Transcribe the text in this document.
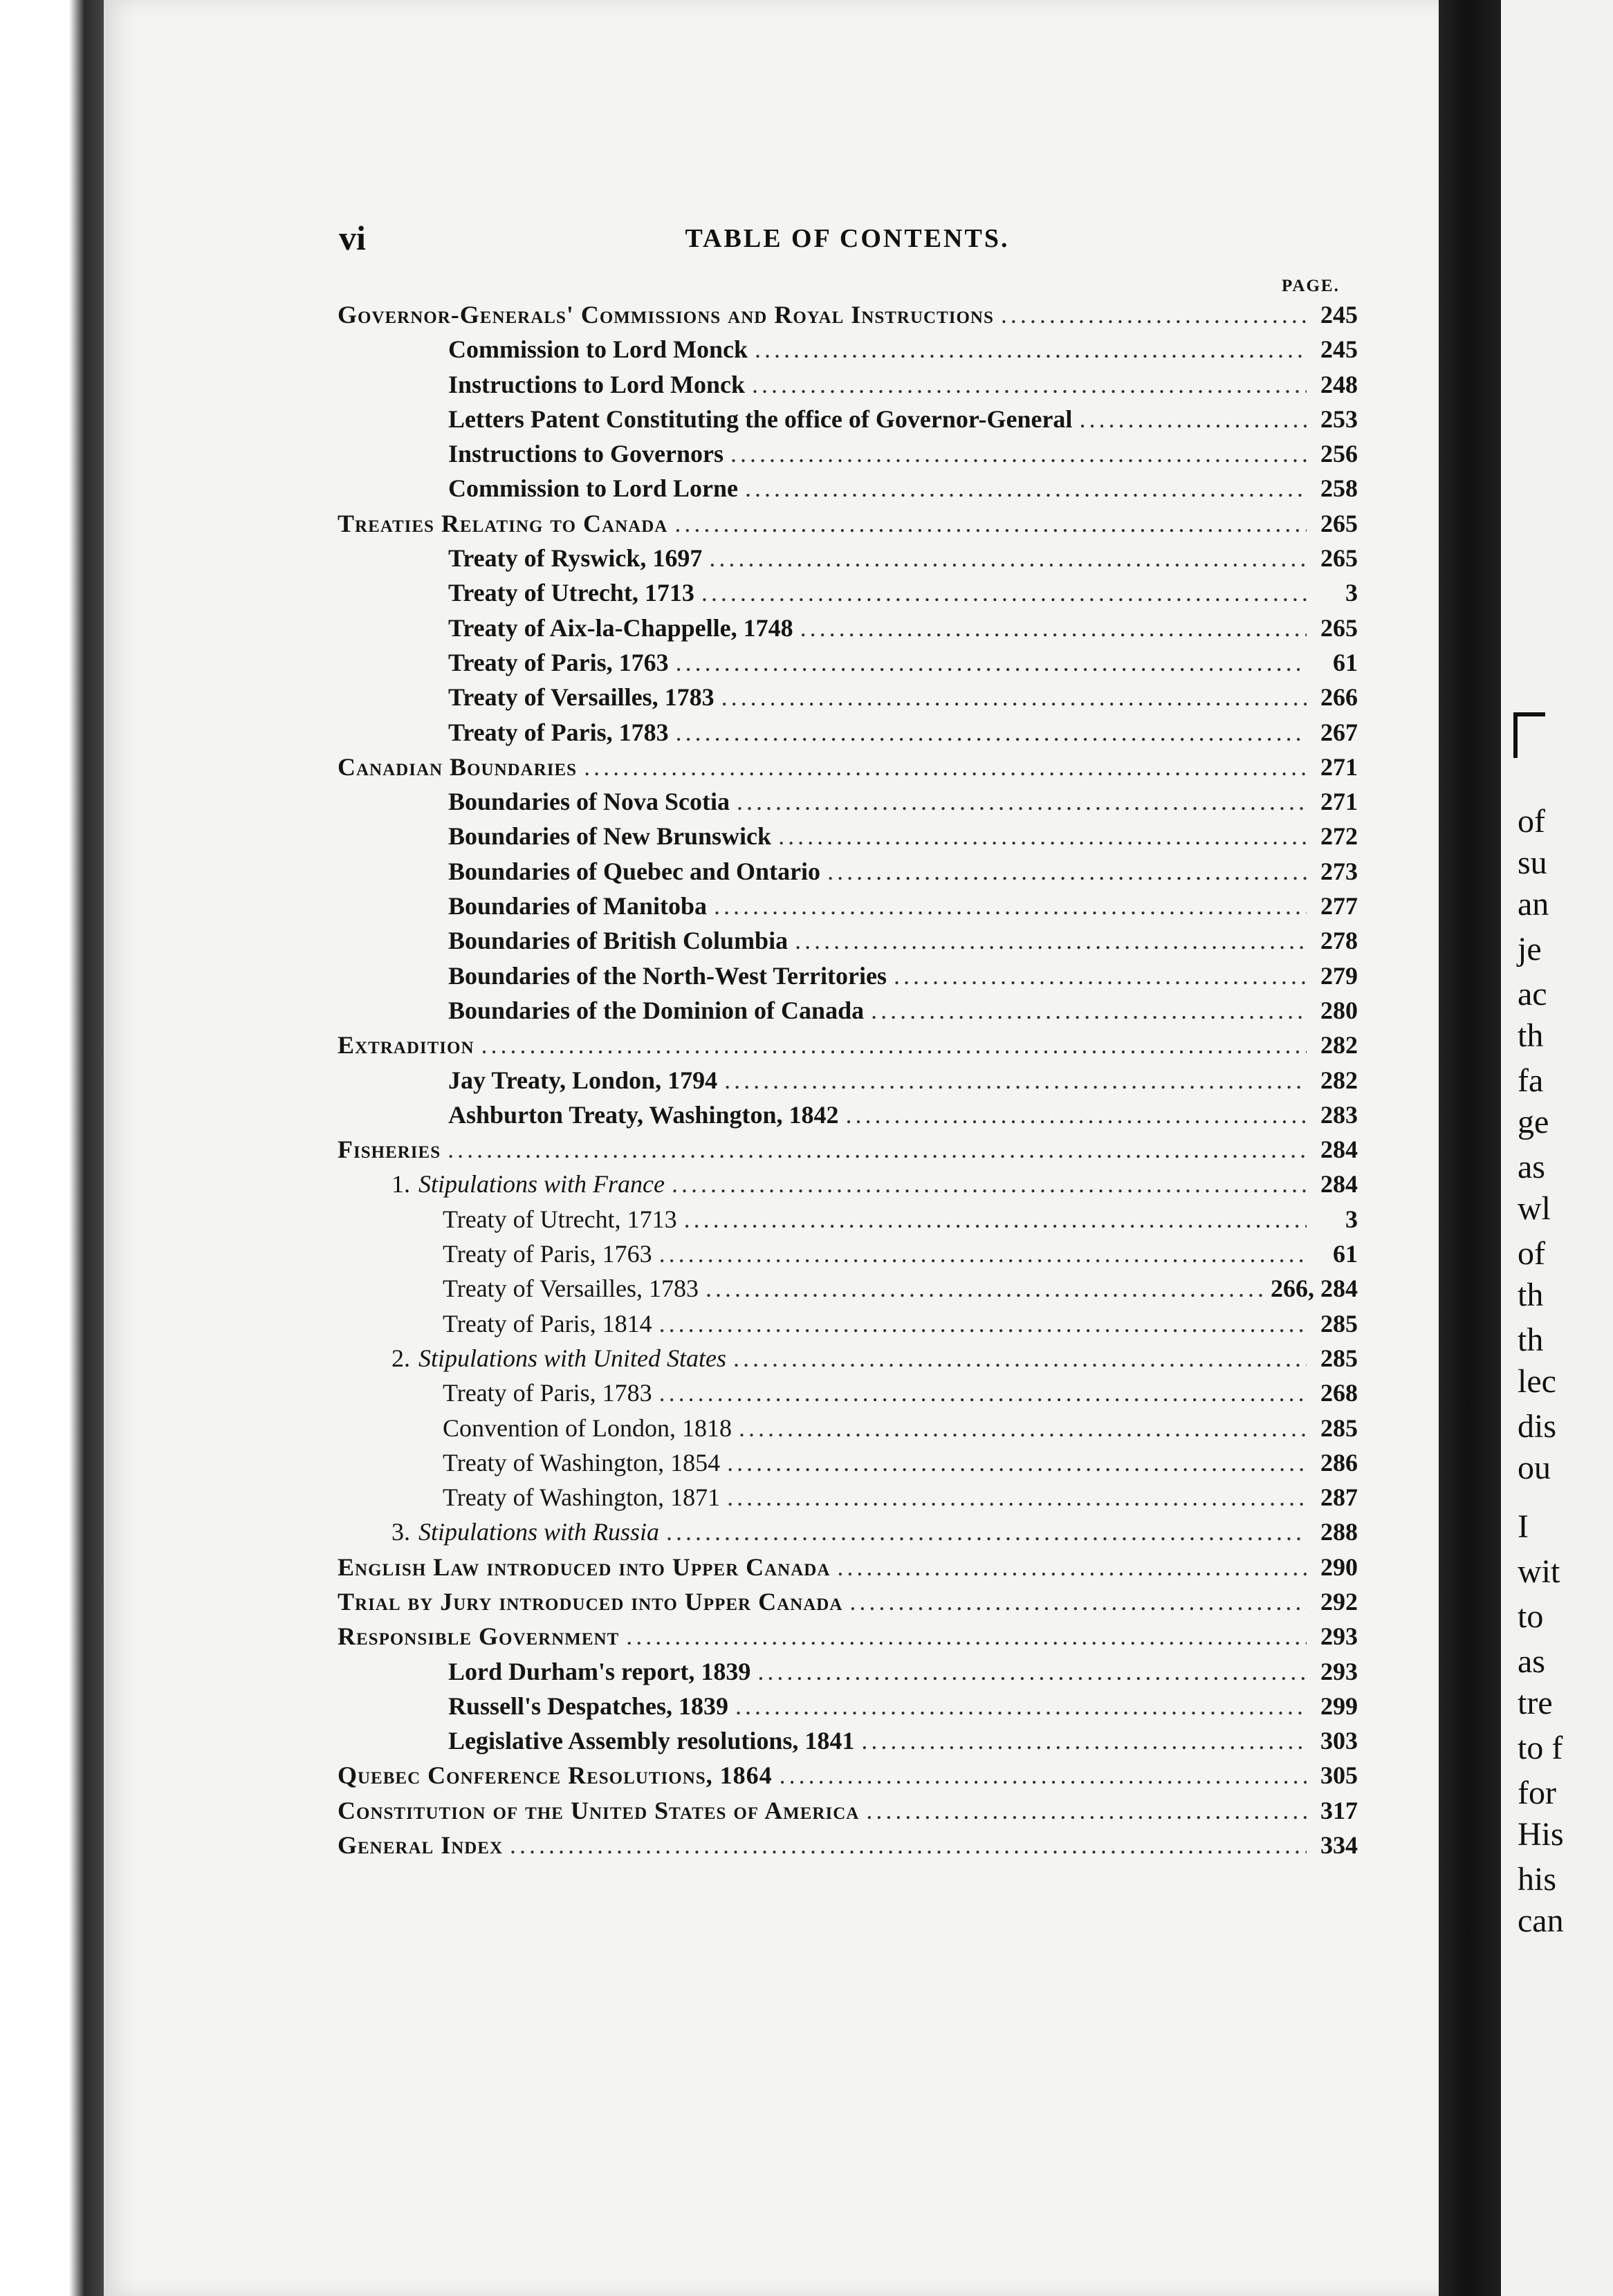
vi	TABLE OF CONTENTS.
PAGE.
Governor-Generals' Commissions and Royal Instructions .....	245
Commission to Lord Monck .....	245
Instructions to Lord Monck .....	248
Letters Patent Constituting the office of Governor-General .....	253
Instructions to Governors .....	256
Commission to Lord Lorne .....	258
Treaties Relating to Canada .....	265
Treaty of Ryswick, 1697 .....	265
Treaty of Utrecht, 1713 .....	3
Treaty of Aix-la-Chappelle, 1748 .....	265
Treaty of Paris, 1763 .....	61
Treaty of Versailles, 1783 .....	266
Treaty of Paris, 1783 .....	267
Canadian Boundaries .....	271
Boundaries of Nova Scotia .....	271
Boundaries of New Brunswick .....	272
Boundaries of Quebec and Ontario .....	273
Boundaries of Manitoba .....	277
Boundaries of British Columbia .....	278
Boundaries of the North-West Territories .....	279
Boundaries of the Dominion of Canada .....	280
Extradition .....	282
Jay Treaty, London, 1794 .....	282
Ashburton Treaty, Washington, 1842 .....	283
Fisheries .....	284
1. Stipulations with France .....	284
Treaty of Utrecht, 1713 .....	3
Treaty of Paris, 1763 .....	61
Treaty of Versailles, 1783 .....	266, 284
Treaty of Paris, 1814 .....	285
2. Stipulations with United States .....	285
Treaty of Paris, 1783 .....	268
Convention of London, 1818 .....	285
Treaty of Washington, 1854 .....	286
Treaty of Washington, 1871 .....	287
3. Stipulations with Russia .....	288
English Law introduced into Upper Canada .....	290
Trial by Jury introduced into Upper Canada .....	292
Responsible Government .....	293
Lord Durham's report, 1839 .....	293
Russell's Despatches, 1839 .....	299
Legislative Assembly resolutions, 1841 .....	303
Quebec Conference Resolutions, 1864 .....	305
Constitution of the United States of America .....	317
General Index .....	334
of
su
an
je
ac
th
fa
ge
as
wl
of
th
th
lec
dis
ou
I
wit
to
as
tre
to f
for
His
his
can
